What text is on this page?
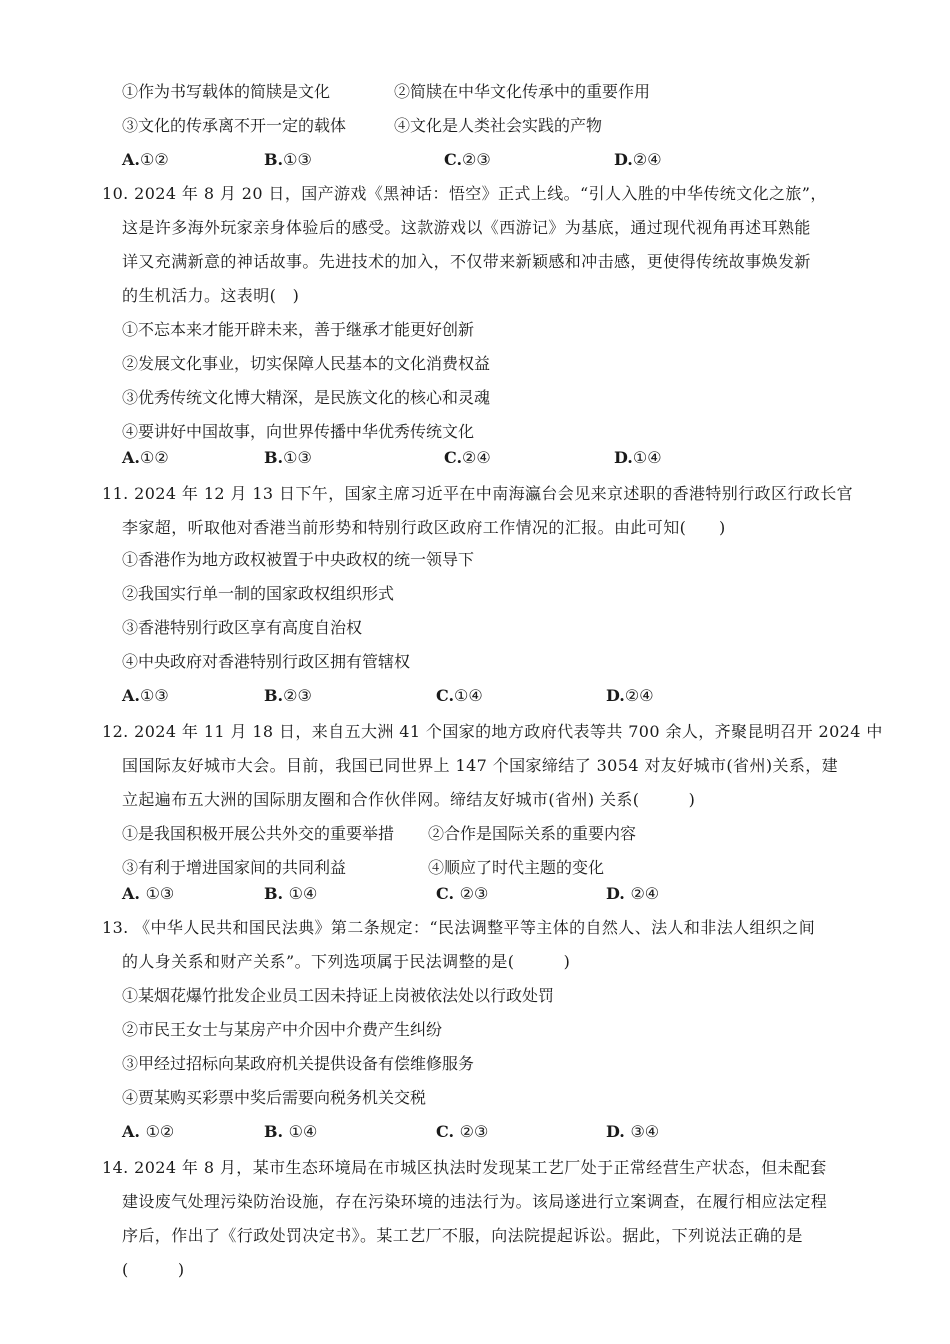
①作为书写载体的简牍是文化	②简牍在中华文化传承中的重要作用
③文化的传承离不开一定的载体	④文化是人类社会实践的产物
A.①②	B.①③	C.②③	D.②④
10. 2024 年 8 月 20 日，国产游戏《黑神话：悟空》正式上线。“引人入胜的中华传统文化之旅”，
这是许多海外玩家亲身体验后的感受。这款游戏以《西游记》为基底，通过现代视角再述耳熟能
详又充满新意的神话故事。先进技术的加入，不仅带来新颖感和冲击感，更使得传统故事焕发新
的生机活力。这表明(　)
①不忘本来才能开辟未来，善于继承才能更好创新
②发展文化事业，切实保障人民基本的文化消费权益
③优秀传统文化博大精深，是民族文化的核心和灵魂
④要讲好中国故事，向世界传播中华优秀传统文化
A.①②	B.①③	C.②④	D.①④
11. 2024 年 12 月 13 日下午，国家主席习近平在中南海瀛台会见来京述职的香港特别行政区行政长官
李家超，听取他对香港当前形势和特别行政区政府工作情况的汇报。由此可知(　　)
①香港作为地方政权被置于中央政权的统一领导下
②我国实行单一制的国家政权组织形式
③香港特别行政区享有高度自治权
④中央政府对香港特别行政区拥有管辖权
A.①③	B.②③	C.①④	D.②④
12. 2024 年 11 月 18 日，来自五大洲 41 个国家的地方政府代表等共 700 余人，齐聚昆明召开 2024 中
国国际友好城市大会。目前，我国已同世界上 147 个国家缔结了 3054 对友好城市(省州)关系，建
立起遍布五大洲的国际朋友圈和合作伙伴网。缔结友好城市(省州) 关系(　　　)
①是我国积极开展公共外交的重要举措 ②合作是国际关系的重要内容
③有利于增进国家间的共同利益	④顺应了时代主题的变化
A. ①③	B. ①④	C. ②③	D. ②④
13. 《中华人民共和国民法典》第二条规定：“民法调整平等主体的自然人、法人和非法人组织之间
的人身关系和财产关系”。下列选项属于民法调整的是(　　　)
①某烟花爆竹批发企业员工因未持证上岗被依法处以行政处罚
②市民王女士与某房产中介因中介费产生纠纷
③甲经过招标向某政府机关提供设备有偿维修服务
④贾某购买彩票中奖后需要向税务机关交税
A. ①②	B. ①④	C. ②③	D. ③④
14. 2024 年 8 月，某市生态环境局在市城区执法时发现某工艺厂处于正常经营生产状态，但未配套
建设废气处理污染防治设施，存在污染环境的违法行为。该局遂进行立案调查，在履行相应法定程
序后，作出了《行政处罚决定书》。某工艺厂不服，向法院提起诉讼。据此，下列说法正确的是
(　　　)
